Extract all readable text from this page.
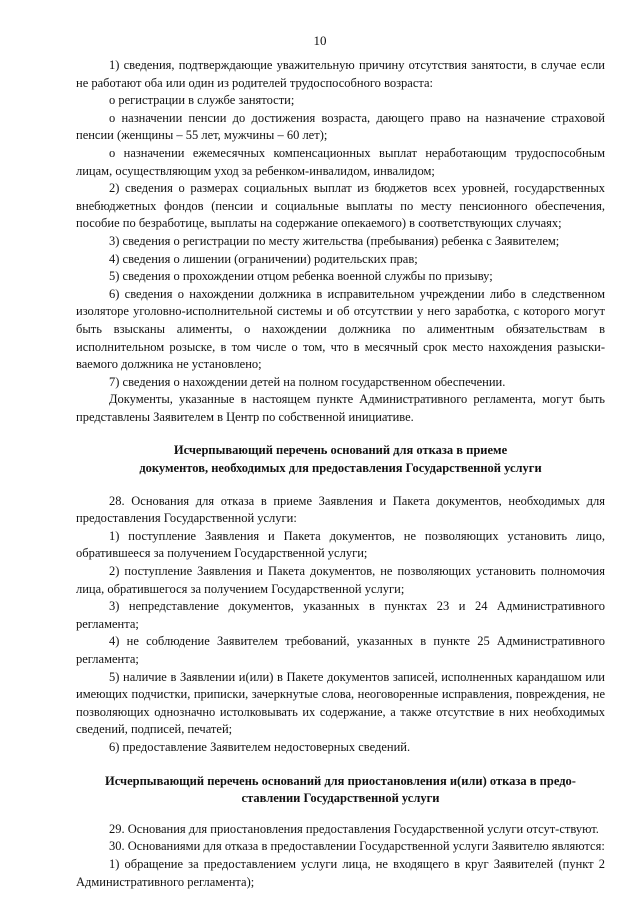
10

1) сведения, подтверждающие уважительную причину отсутствия занятости, в случае если не работают оба или один из родителей трудоспособного возраста:

о регистрации в службе занятости;

о назначении пенсии до достижения возраста, дающего право на назначение страховой пенсии (женщины – 55 лет, мужчины – 60 лет);

о назначении ежемесячных компенсационных выплат неработающим трудоспособным лицам, осуществляющим уход за ребенком-инвалидом, инвалидом;

2) сведения о размерах социальных выплат из бюджетов всех уровней, государственных внебюджетных фондов (пенсии и социальные выплаты по месту пенсионного обеспечения, пособие по безработице, выплаты на содержание опекаемого) в соответствующих случаях;

3) сведения о регистрации по месту жительства (пребывания) ребенка с Заявителем;

4) сведения о лишении (ограничении) родительских прав;

5) сведения о прохождении отцом ребенка военной службы по призыву;

6) сведения о нахождении должника в исправительном учреждении либо в следственном изоляторе уголовно-исполнительной системы и об отсутствии у него заработка, с которого могут быть взысканы алименты, о нахождении должника по алиментным обязательствам в исполнительном розыске, в том числе о том, что в месячный срок место нахождения разыски-ваемого должника не установлено;

7) сведения о нахождении детей на полном государственном обеспечении.

Документы, указанные в настоящем пункте Административного регламента, могут быть представлены Заявителем в Центр по собственной инициативе.

Исчерпывающий перечень оснований для отказа в приеме

документов, необходимых для предоставления Государственной услуги

28. Основания для отказа в приеме Заявления и Пакета документов, необходимых для предоставления Государственной услуги:

1) поступление Заявления и Пакета документов, не позволяющих установить лицо, обратившееся за получением Государственной услуги;

2) поступление Заявления и Пакета документов, не позволяющих установить полномочия лица, обратившегося за получением Государственной услуги;

3) непредставление документов, указанных в пунктах 23 и 24 Административного регламента;

4) не соблюдение Заявителем требований, указанных в пункте 25 Административного регламента;

5) наличие в Заявлении и(или) в Пакете документов записей, исполненных карандашом или имеющих подчистки, приписки, зачеркнутые слова, неоговоренные исправления, повреждения, не позволяющих однозначно истолковывать их содержание, а также отсутствие в них необходимых сведений, подписей, печатей;

6) предоставление Заявителем недостоверных сведений.

Исчерпывающий перечень оснований для приостановления и(или) отказа в предо-

ставлении Государственной услуги

29. Основания для приостановления предоставления Государственной услуги отсут-ствуют.

30. Основаниями для отказа в предоставлении Государственной услуги Заявителю являются:

1) обращение за предоставлением услуги лица, не входящего в круг Заявителей (пункт 2 Административного регламента);
